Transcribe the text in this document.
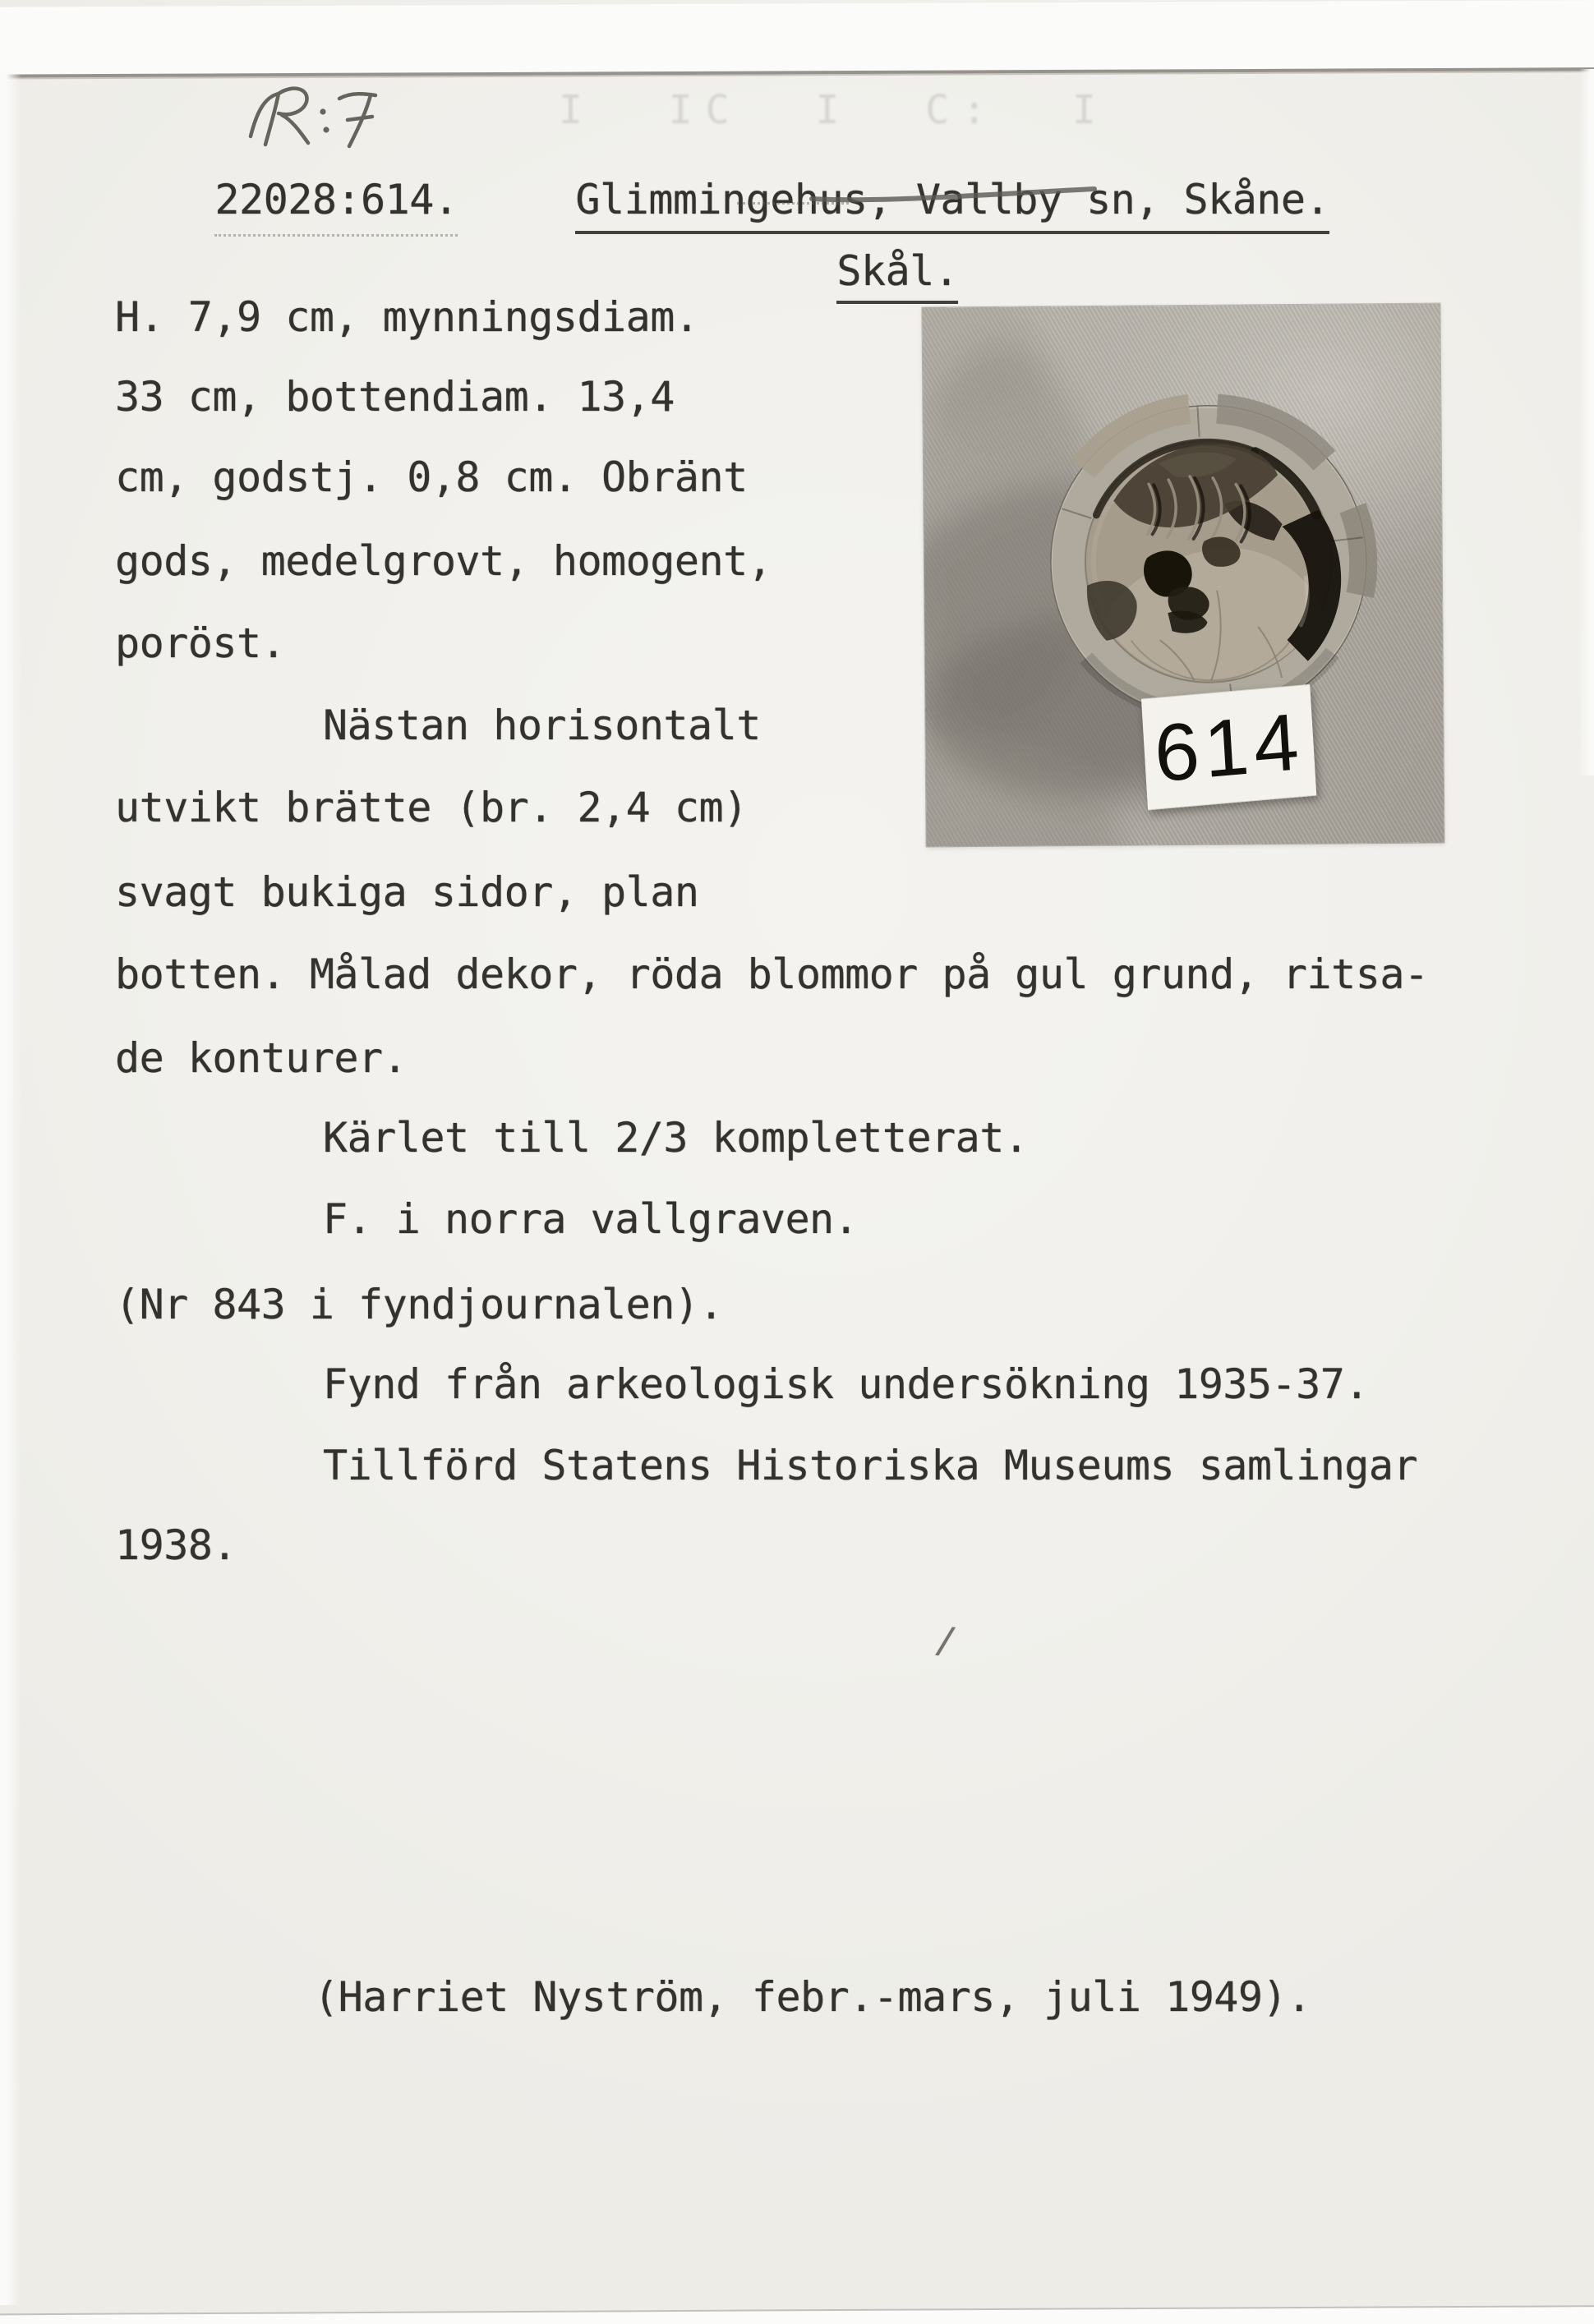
I IC I C: I

22028:614.
	Glimmingehus, Vallby sn, Skåne.

Skål.

H. 7,9 cm, mynningsdiam.
33 cm, bottendiam. 13,4
cm, godstj. 0,8 cm. Obränt
gods, medelgrovt, homogent,
poröst.
Nästan horisontalt
utvikt brätte (br. 2,4 cm)
svagt bukiga sidor, plan
botten. Målad dekor, röda blommor på gul grund, ritsa-
de konturer.
Kärlet till 2/3 kompletterat.
F. i norra vallgraven.
(Nr 843 i fyndjournalen).
Fynd från arkeologisk undersökning 1935-37.
Tillförd Statens Historiska Museums samlingar
1938.
(Harriet Nyström, febr.-mars, juli 1949).
/
614
